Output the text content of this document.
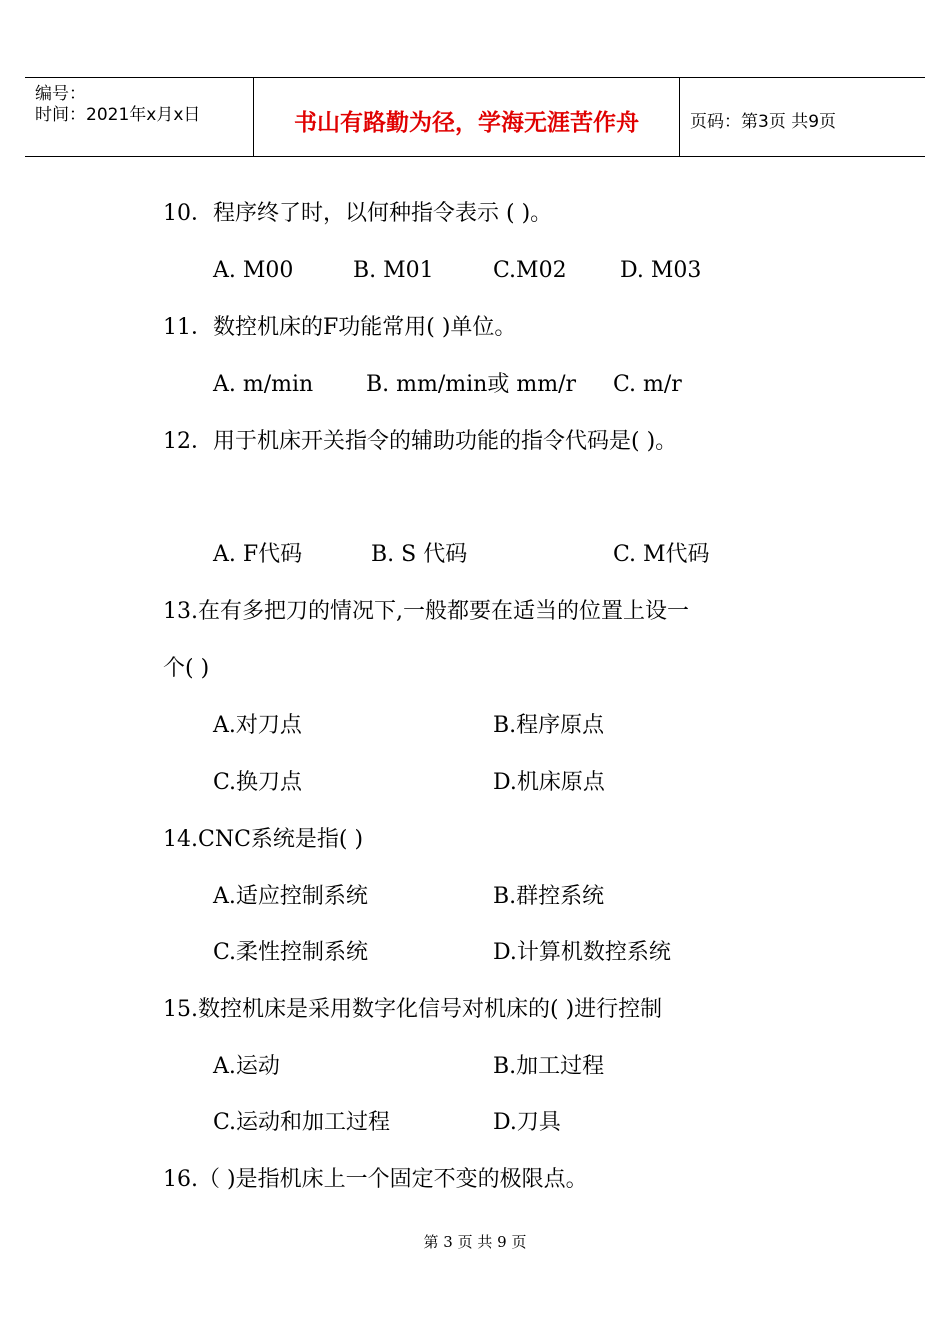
编号：
时间：2021年x月x日	书山有路勤为径，学海无涯苦作舟	页码：第3页 共9页
10．程序终了时，以何种指令表示 ( )。
A. M00	B. M01	C.M02 D. M03
11．数控机床的F功能常用( )单位。
A. m/min B. mm/min或 mm/r C. m/r
12．用于机床开关指令的辅助功能的指令代码是( )。
A. F代码	B. S 代码	C. M代码
13.在有多把刀的情况下,一般都要在适当的位置上设一
个( )
A.对刀点	B.程序原点
C.换刀点	D.机床原点
14.CNC系统是指( )
A.适应控制系统	B.群控系统
C.柔性控制系统	D.计算机数控系统
15.数控机床是采用数字化信号对机床的( )进行控制
A.运动	B.加工过程
C.运动和加工过程	D.刀具
16.（ )是指机床上一个固定不变的极限点。
第 3 页 共 9 页
